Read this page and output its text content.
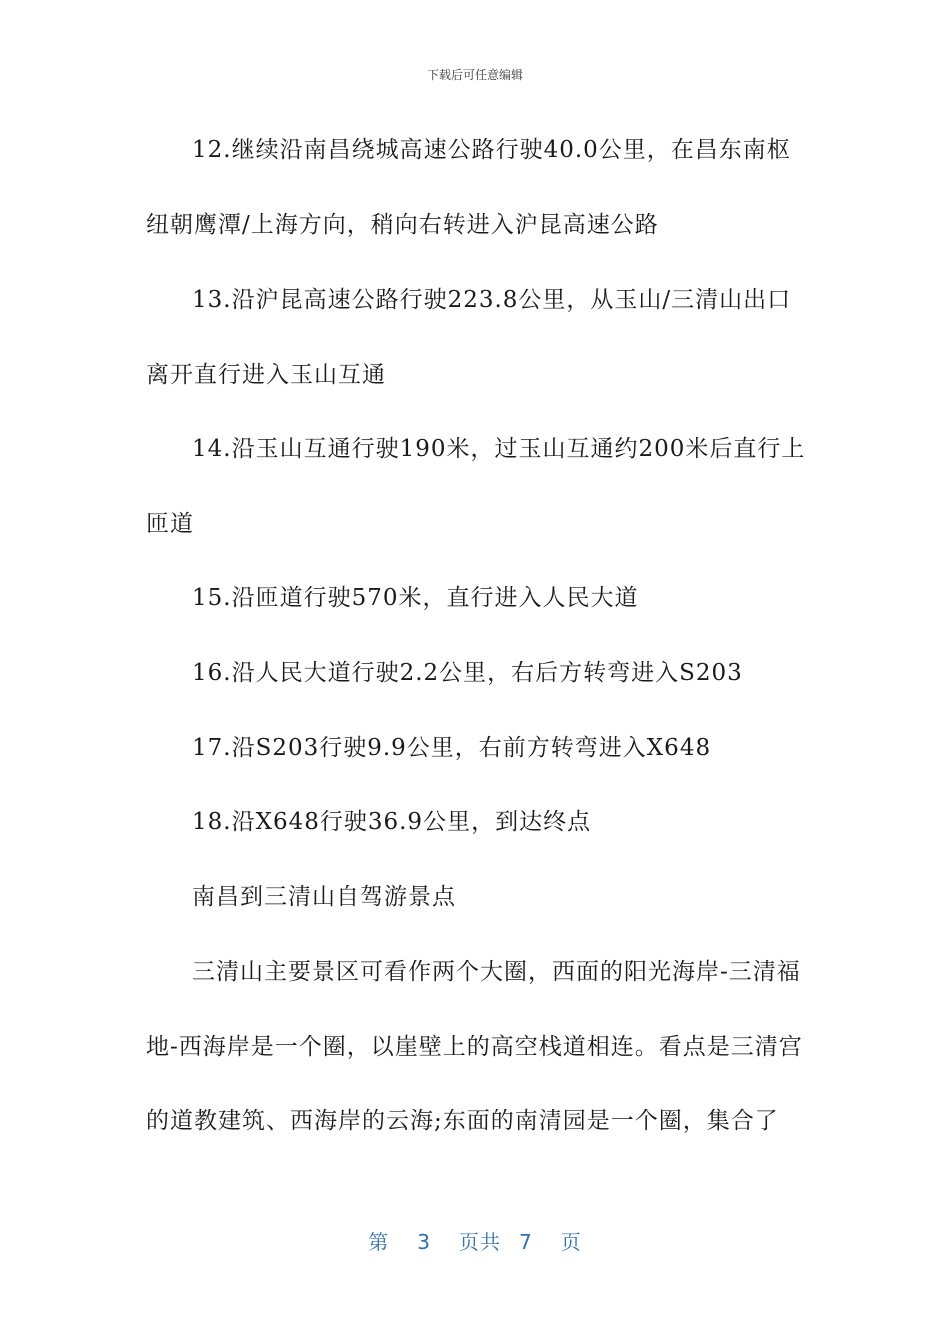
下载后可任意编辑
12.继续沿南昌绕城高速公路行驶40.0公里，在昌东南枢
纽朝鹰潭/上海方向，稍向右转进入沪昆高速公路
13.沿沪昆高速公路行驶223.8公里，从玉山/三清山出口
离开直行进入玉山互通
14.沿玉山互通行驶190米，过玉山互通约200米后直行上
匝道
15.沿匝道行驶570米，直行进入人民大道
16.沿人民大道行驶2.2公里，右后方转弯进入S203
17.沿S203行驶9.9公里，右前方转弯进入X648
18.沿X648行驶36.9公里，到达终点
南昌到三清山自驾游景点
三清山主要景区可看作两个大圈，西面的阳光海岸-三清福
地-西海岸是一个圈，以崖壁上的高空栈道相连。看点是三清宫
的道教建筑、西海岸的云海;东面的南清园是一个圈，集合了
第 3 页共 7 页
